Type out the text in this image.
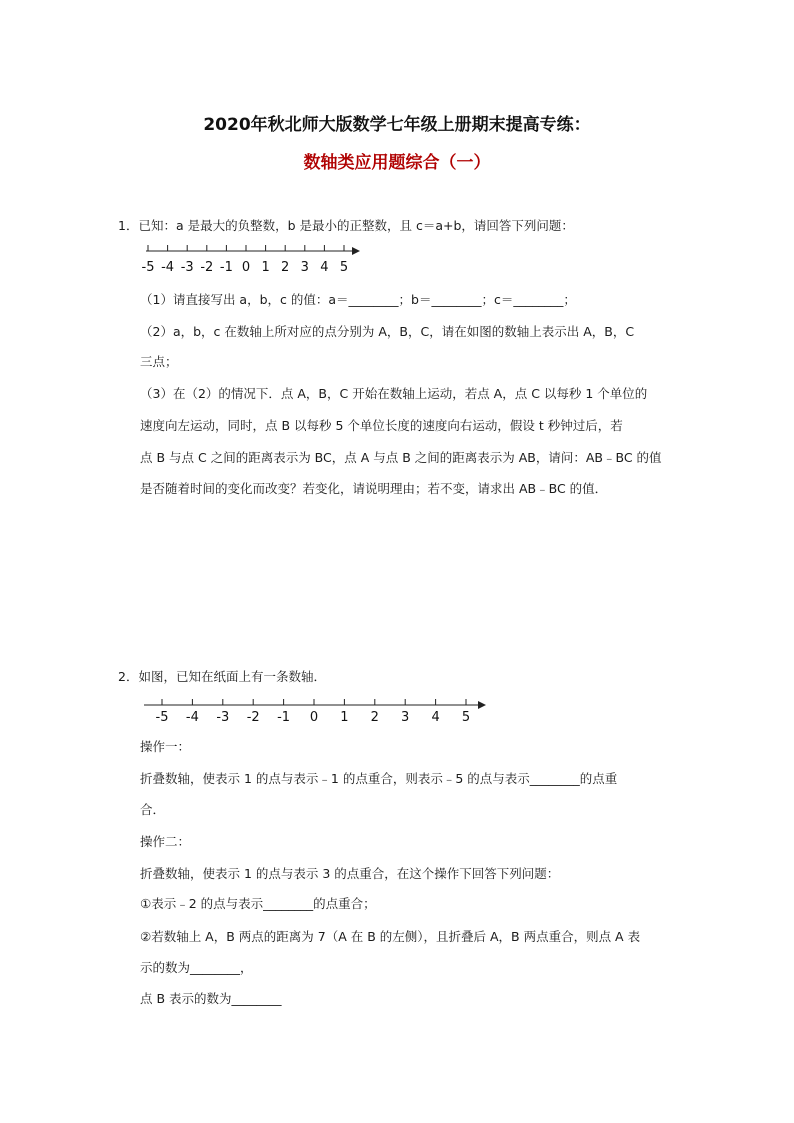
2020年秋北师大版数学七年级上册期末提高专练：
数轴类应用题综合（一）
1．已知：a 是最大的负整数，b 是最小的正整数，且 c＝a+b，请回答下列问题：
-5 -4 -3 -2 -1 0 1 2 3 4 5
（1）请直接写出 a，b，c 的值：a＝________；b＝________；c＝________；
（2）a，b，c 在数轴上所对应的点分别为 A，B，C，请在如图的数轴上表示出 A，B，C
三点；
（3）在（2）的情况下．点 A，B，C 开始在数轴上运动，若点 A，点 C 以每秒 1 个单位的
速度向左运动，同时，点 B 以每秒 5 个单位长度的速度向右运动，假设 t 秒钟过后，若
点 B 与点 C 之间的距离表示为 BC，点 A 与点 B 之间的距离表示为 AB，请问：AB﹣BC 的值
是否随着时间的变化而改变？若变化，请说明理由；若不变，请求出 AB﹣BC 的值．
2．如图，已知在纸面上有一条数轴．
-5 -4 -3 -2 -1 0 1 2 3 4 5
操作一：
折叠数轴，使表示 1 的点与表示﹣1 的点重合，则表示﹣5 的点与表示________的点重
合．
操作二：
折叠数轴，使表示 1 的点与表示 3 的点重合，在这个操作下回答下列问题：
①表示﹣2 的点与表示________的点重合；
②若数轴上 A，B 两点的距离为 7（A 在 B 的左侧），且折叠后 A，B 两点重合，则点 A 表
示的数为________，
点 B 表示的数为________
